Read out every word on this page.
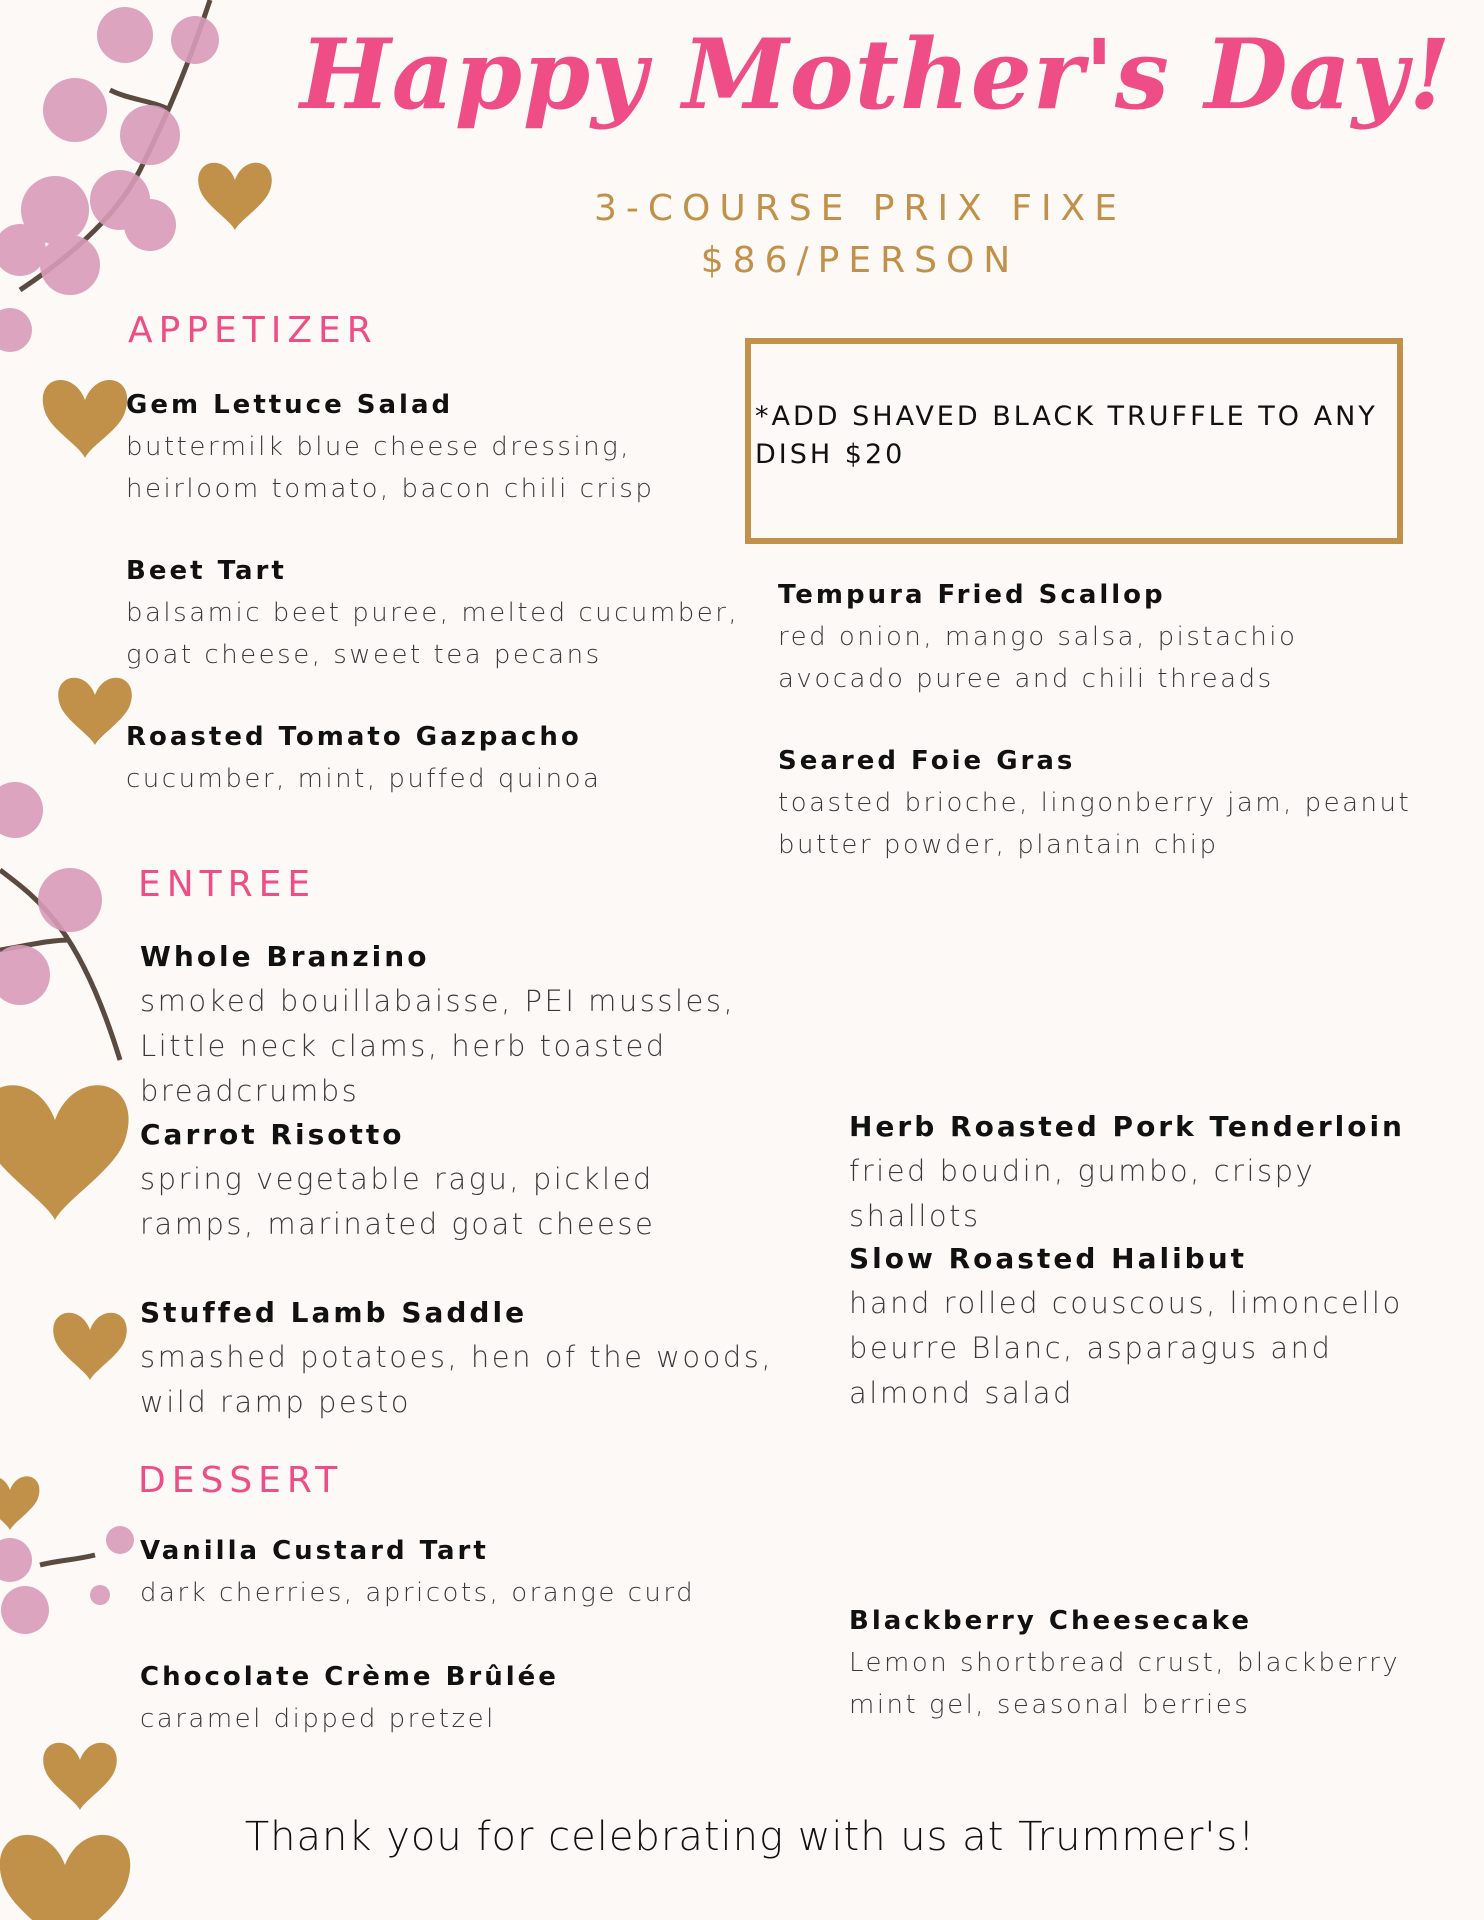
Happy Mother's Day!
3-COURSE PRIX FIXE
$86/PERSON
*ADD SHAVED BLACK TRUFFLE TO ANY DISH $20
APPETIZER
Gem Lettuce Salad
buttermilk blue cheese dressing, heirloom tomato, bacon chili crisp
Beet Tart
balsamic beet puree, melted cucumber, goat cheese, sweet tea pecans
Roasted Tomato Gazpacho
cucumber, mint, puffed quinoa
Tempura Fried Scallop
red onion, mango salsa, pistachio avocado puree and chili threads
Seared Foie Gras
toasted brioche, lingonberry jam, peanut butter powder, plantain chip
ENTREE
Whole Branzino
smoked bouillabaisse, PEI mussles, Little neck clams, herb toasted breadcrumbs
Carrot Risotto
spring vegetable ragu, pickled ramps, marinated goat cheese
Stuffed Lamb Saddle
smashed potatoes, hen of the woods, wild ramp pesto
Herb Roasted Pork Tenderloin
fried boudin, gumbo, crispy shallots
Slow Roasted Halibut
hand rolled couscous, limoncello beurre Blanc, asparagus and almond salad
DESSERT
Vanilla Custard Tart
dark cherries, apricots, orange curd
Chocolate Crème Brûlée
caramel dipped pretzel
Blackberry Cheesecake
Lemon shortbread crust, blackberry mint gel, seasonal berries
Thank you for celebrating with us at Trummer's!
